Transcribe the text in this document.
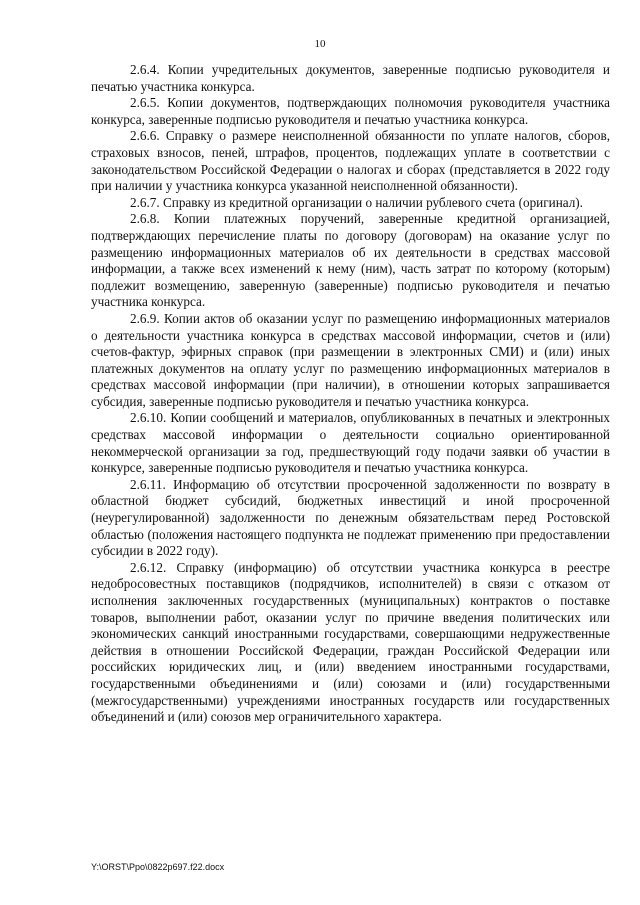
10

2.6.4. Копии учредительных документов, заверенные подписью руководителя и печатью участника конкурса.

2.6.5. Копии документов, подтверждающих полномочия руководителя участника конкурса, заверенные подписью руководителя и печатью участника конкурса.

2.6.6. Справку о размере неисполненной обязанности по уплате налогов, сборов, страховых взносов, пеней, штрафов, процентов, подлежащих уплате в соответствии с законодательством Российской Федерации о налогах и сборах (представляется в 2022 году при наличии у участника конкурса указанной неисполненной обязанности).

2.6.7. Справку из кредитной организации о наличии рублевого счета (оригинал).

2.6.8. Копии платежных поручений, заверенные кредитной организацией, подтверждающих перечисление платы по договору (договорам) на оказание услуг по размещению информационных материалов об их деятельности в средствах массовой информации, а также всех изменений к нему (ним), часть затрат по которому (которым) подлежит возмещению, заверенную (заверенные) подписью руководителя и печатью участника конкурса.

2.6.9. Копии актов об оказании услуг по размещению информационных материалов о деятельности участника конкурса в средствах массовой информации, счетов и (или) счетов-фактур, эфирных справок (при размещении в электронных СМИ) и (или) иных платежных документов на оплату услуг по размещению информационных материалов в средствах массовой информации (при наличии), в отношении которых запрашивается субсидия, заверенные подписью руководителя и печатью участника конкурса.

2.6.10. Копии сообщений и материалов, опубликованных в печатных и электронных средствах массовой информации о деятельности социально ориентированной некоммерческой организации за год, предшествующий году подачи заявки об участии в конкурсе, заверенные подписью руководителя и печатью участника конкурса.

2.6.11. Информацию об отсутствии просроченной задолженности по возврату в областной бюджет субсидий, бюджетных инвестиций и иной просроченной (неурегулированной) задолженности по денежным обязательствам перед Ростовской областью (положения настоящего подпункта не подлежат применению при предоставлении субсидии в 2022 году).

2.6.12. Справку (информацию) об отсутствии участника конкурса в реестре недобросовестных поставщиков (подрядчиков, исполнителей) в связи с отказом от исполнения заключенных государственных (муниципальных) контрактов о поставке товаров, выполнении работ, оказании услуг по причине введения политических или экономических санкций иностранными государствами, совершающими недружественные действия в отношении Российской Федерации, граждан Российской Федерации или российских юридических лиц, и (или) введением иностранными государствами, государственными объединениями и (или) союзами и (или) государственными (межгосударственными) учреждениями иностранных государств или государственных объединений и (или) союзов мер ограничительного характера.

Y:\ORST\Ppo\0822p697.f22.docx
